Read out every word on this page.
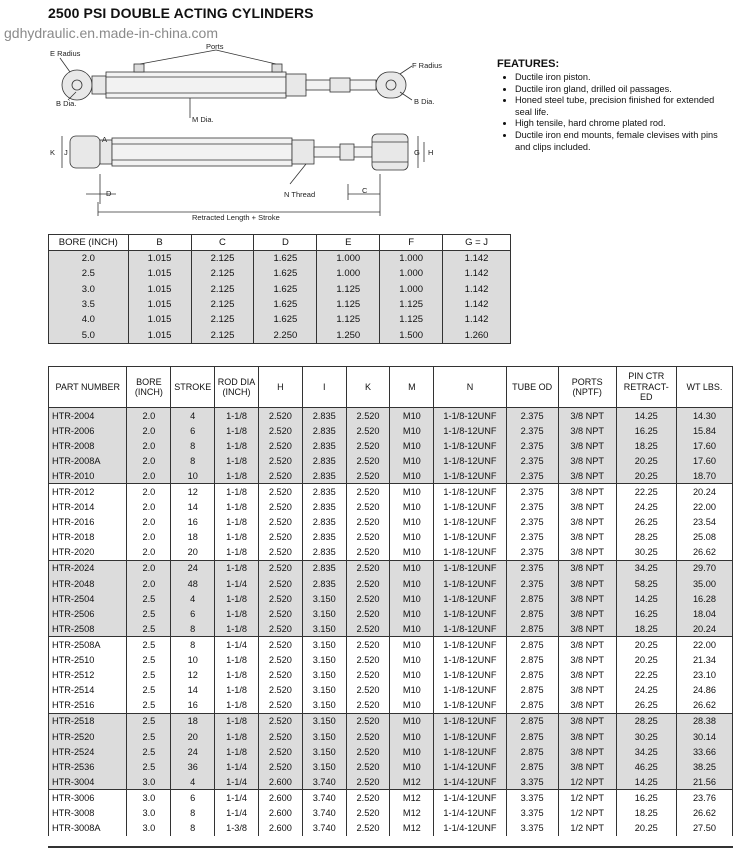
2500 PSI DOUBLE ACTING CYLINDERS
gdhydraulic.en.made-in-china.com
E Radius
Ports
F Radius
B Dia.	B Dia.
M Dia.
K J	G H
A
D	C
N Thread
Retracted Length + Stroke
FEATURES:
• Ductile iron piston.
• Ductile iron gland, drilled oil passages.
• Honed steel tube, precision finished for extended seal life.
• High tensile, hard chrome plated rod.
• Ductile iron end mounts, female clevises with pins and clips included.
BORE (INCH)	B	C	D	E	F	G = J
2.0	1.015	2.125	1.625	1.000	1.000	1.142
2.5	1.015	2.125	1.625	1.000	1.000	1.142
3.0	1.015	2.125	1.625	1.125	1.000	1.142
3.5	1.015	2.125	1.625	1.125	1.125	1.142
4.0	1.015	2.125	1.625	1.125	1.125	1.142
5.0	1.015	2.125	2.250	1.250	1.500	1.260
PART NUMBER	BORE (INCH)	STROKE	ROD DIA (INCH)	H	I	K	M	N	TUBE OD	PORTS (NPTF)	PIN CTR RETRACT-ED	WT LBS.
HTR-2004	2.0	4	1-1/8	2.520	2.835	2.520	M10	1-1/8-12UNF	2.375	3/8 NPT	14.25	14.30
HTR-2006	2.0	6	1-1/8	2.520	2.835	2.520	M10	1-1/8-12UNF	2.375	3/8 NPT	16.25	15.84
HTR-2008	2.0	8	1-1/8	2.520	2.835	2.520	M10	1-1/8-12UNF	2.375	3/8 NPT	18.25	17.60
HTR-2008A	2.0	8	1-1/8	2.520	2.835	2.520	M10	1-1/8-12UNF	2.375	3/8 NPT	20.25	17.60
HTR-2010	2.0	10	1-1/8	2.520	2.835	2.520	M10	1-1/8-12UNF	2.375	3/8 NPT	20.25	18.70
HTR-2012	2.0	12	1-1/8	2.520	2.835	2.520	M10	1-1/8-12UNF	2.375	3/8 NPT	22.25	20.24
HTR-2014	2.0	14	1-1/8	2.520	2.835	2.520	M10	1-1/8-12UNF	2.375	3/8 NPT	24.25	22.00
HTR-2016	2.0	16	1-1/8	2.520	2.835	2.520	M10	1-1/8-12UNF	2.375	3/8 NPT	26.25	23.54
HTR-2018	2.0	18	1-1/8	2.520	2.835	2.520	M10	1-1/8-12UNF	2.375	3/8 NPT	28.25	25.08
HTR-2020	2.0	20	1-1/8	2.520	2.835	2.520	M10	1-1/8-12UNF	2.375	3/8 NPT	30.25	26.62
HTR-2024	2.0	24	1-1/8	2.520	2.835	2.520	M10	1-1/8-12UNF	2.375	3/8 NPT	34.25	29.70
HTR-2048	2.0	48	1-1/4	2.520	2.835	2.520	M10	1-1/8-12UNF	2.375	3/8 NPT	58.25	35.00
HTR-2504	2.5	4	1-1/8	2.520	3.150	2.520	M10	1-1/8-12UNF	2.875	3/8 NPT	14.25	16.28
HTR-2506	2.5	6	1-1/8	2.520	3.150	2.520	M10	1-1/8-12UNF	2.875	3/8 NPT	16.25	18.04
HTR-2508	2.5	8	1-1/8	2.520	3.150	2.520	M10	1-1/8-12UNF	2.875	3/8 NPT	18.25	20.24
HTR-2508A	2.5	8	1-1/4	2.520	3.150	2.520	M10	1-1/8-12UNF	2.875	3/8 NPT	20.25	22.00
HTR-2510	2.5	10	1-1/8	2.520	3.150	2.520	M10	1-1/8-12UNF	2.875	3/8 NPT	20.25	21.34
HTR-2512	2.5	12	1-1/8	2.520	3.150	2.520	M10	1-1/8-12UNF	2.875	3/8 NPT	22.25	23.10
HTR-2514	2.5	14	1-1/8	2.520	3.150	2.520	M10	1-1/8-12UNF	2.875	3/8 NPT	24.25	24.86
HTR-2516	2.5	16	1-1/8	2.520	3.150	2.520	M10	1-1/8-12UNF	2.875	3/8 NPT	26.25	26.62
HTR-2518	2.5	18	1-1/8	2.520	3.150	2.520	M10	1-1/8-12UNF	2.875	3/8 NPT	28.25	28.38
HTR-2520	2.5	20	1-1/8	2.520	3.150	2.520	M10	1-1/8-12UNF	2.875	3/8 NPT	30.25	30.14
HTR-2524	2.5	24	1-1/8	2.520	3.150	2.520	M10	1-1/8-12UNF	2.875	3/8 NPT	34.25	33.66
HTR-2536	2.5	36	1-1/4	2.520	3.150	2.520	M10	1-1/4-12UNF	2.875	3/8 NPT	46.25	38.25
HTR-3004	3.0	4	1-1/4	2.600	3.740	2.520	M12	1-1/4-12UNF	3.375	1/2 NPT	14.25	21.56
HTR-3006	3.0	6	1-1/4	2.600	3.740	2.520	M12	1-1/4-12UNF	3.375	1/2 NPT	16.25	23.76
HTR-3008	3.0	8	1-1/4	2.600	3.740	2.520	M12	1-1/4-12UNF	3.375	1/2 NPT	18.25	26.62
HTR-3008A	3.0	8	1-3/8	2.600	3.740	2.520	M12	1-1/4-12UNF	3.375	1/2 NPT	20.25	27.50
